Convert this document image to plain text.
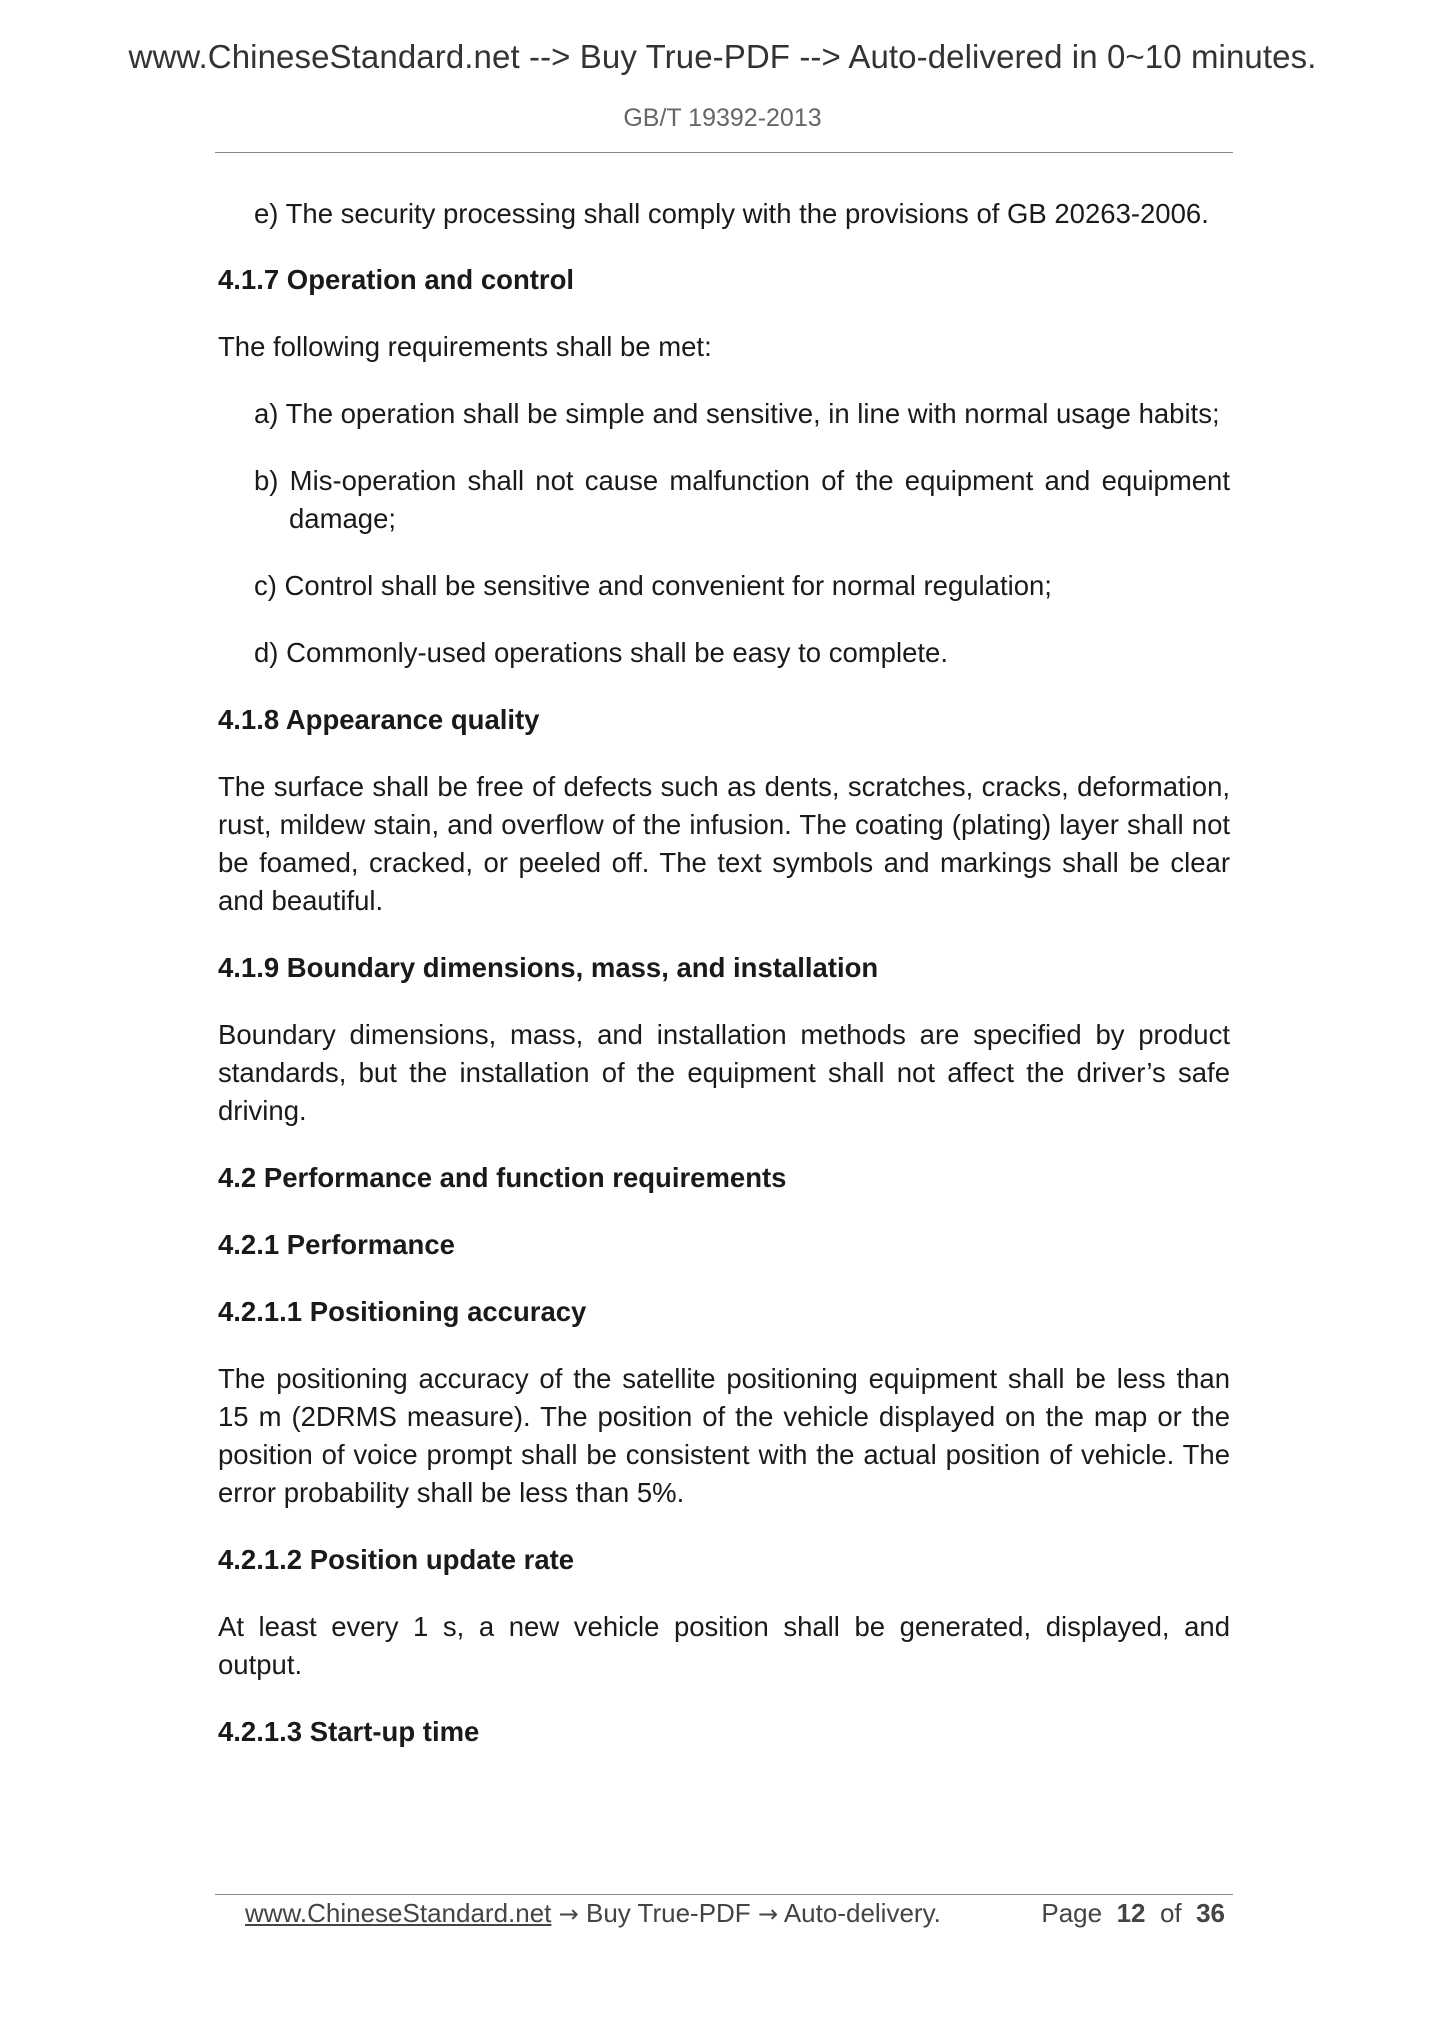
www.ChineseStandard.net --> Buy True-PDF --> Auto-delivered in 0~10 minutes.
GB/T 19392-2013

e) The security processing shall comply with the provisions of GB 20263-2006.

4.1.7 Operation and control

The following requirements shall be met:

a) The operation shall be simple and sensitive, in line with normal usage habits;

b) Mis-operation shall not cause malfunction of the equipment and equipment damage;

c) Control shall be sensitive and convenient for normal regulation;

d) Commonly-used operations shall be easy to complete.

4.1.8 Appearance quality

The surface shall be free of defects such as dents, scratches, cracks, deformation, rust, mildew stain, and overflow of the infusion. The coating (plating) layer shall not be foamed, cracked, or peeled off. The text symbols and markings shall be clear and beautiful.

4.1.9 Boundary dimensions, mass, and installation

Boundary dimensions, mass, and installation methods are specified by product standards, but the installation of the equipment shall not affect the driver’s safe driving.

4.2 Performance and function requirements

4.2.1 Performance

4.2.1.1 Positioning accuracy

The positioning accuracy of the satellite positioning equipment shall be less than 15 m (2DRMS measure). The position of the vehicle displayed on the map or the position of voice prompt shall be consistent with the actual position of vehicle. The error probability shall be less than 5%.

4.2.1.2 Position update rate

At least every 1 s, a new vehicle position shall be generated, displayed, and output.

4.2.1.3 Start-up time

www.ChineseStandard.net → Buy True-PDF → Auto-delivery.	Page 12 of 36
